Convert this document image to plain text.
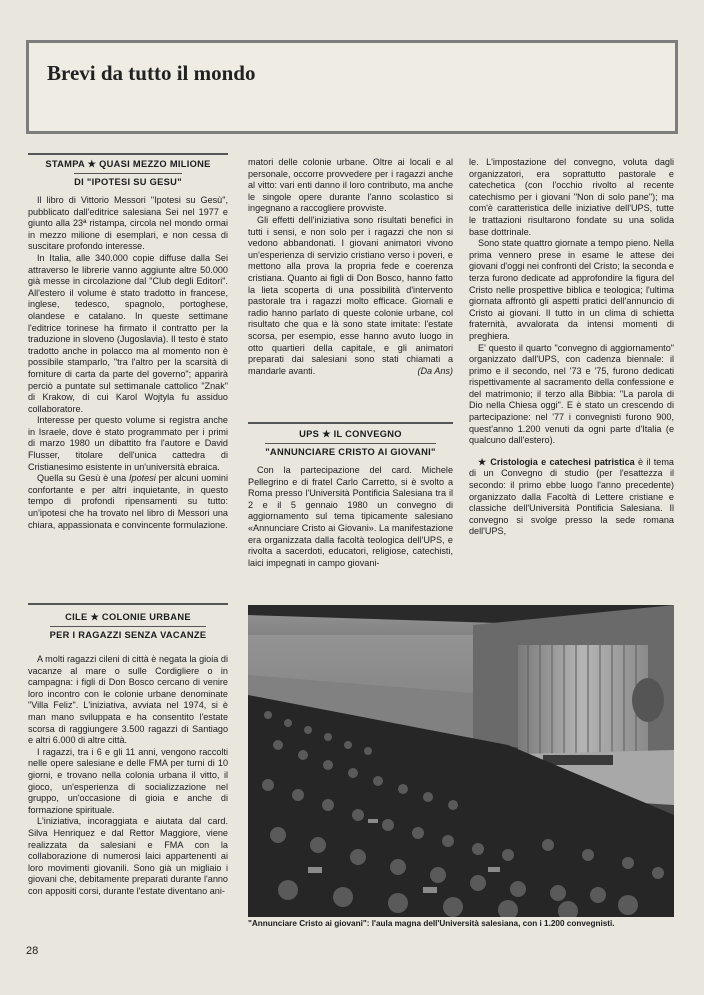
Brevi da tutto il mondo
STAMPA ★ QUASI MEZZO MILIONE
DI "IPOTESI SU GESU"

Il libro di Vittorio Messori "Ipotesi su Gesù", pubblicato dall'editrice salesiana Sei nel 1977 e giunto alla 23ª ristampa, circola nel mondo ormai in mezzo milione di esemplari, e non cessa di suscitare profondo interesse.

In Italia, alle 340.000 copie diffuse dalla Sei attraverso le librerie vanno aggiunte altre 50.000 già messe in circolazione dal "Club degli Editori". All'estero il volume è stato tradotto in francese, inglese, tedesco, spagnolo, portoghese, olandese e catalano. In queste settimane l'editrice torinese ha firmato il contratto per la traduzione in sloveno (Jugoslavia). Il testo è stato tradotto anche in polacco ma al momento non è possibile stamparlo, "tra l'altro per la scarsità di forniture di carta da parte del governo"; apparirà perciò a puntate sul settimanale cattolico "Znak" di Krakow, di cui Karol Wojtyla fu assiduo collaboratore.

Interesse per questo volume si registra anche in Israele, dove è stato programmato per i primi di marzo 1980 un dibattito fra l'autore e David Flusser, titolare dell'unica cattedra di Cristianesimo esistente in un'università ebraica.

Quella su Gesù è una Ipotesi per alcuni uomini confortante e per altri inquietante, in questo tempo di profondi ripensamenti su tutto: un'ipotesi che ha trovato nel libro di Messori una chiara, appassionata e convincente formulazione.

matori delle colonie urbane. Oltre ai locali e al personale, occorre provvedere per i ragazzi anche al vitto: vari enti danno il loro contributo, ma anche le singole opere durante l'anno scolastico si ingegnano a raccogliere provviste.

Gli effetti dell'iniziativa sono risultati benefici in tutti i sensi, e non solo per i ragazzi che non si vedono abbandonati. I giovani animatori vivono un'esperienza di servizio cristiano verso i poveri, e mettono alla prova la propria fede e coerenza cristiana. Quanto ai figli di Don Bosco, hanno fatto la lieta scoperta di una possibilità d'intervento pastorale tra i ragazzi molto efficace. Giornali e radio hanno parlato di queste colonie urbane, col risultato che qua e là sono state imitate: l'estate scorsa, per esempio, esse hanno avuto luogo in otto quartieri della capitale, e gli animatori preparati dai salesiani sono stati chiamati a mandarle avanti.	(Da Ans)

UPS ★ IL CONVEGNO
"ANNUNCIARE CRISTO AI GIOVANI"

Con la partecipazione del card. Michele Pellegrino e di fratel Carlo Carretto, si è svolto a Roma presso l'Università Pontificia Salesiana tra il 2 e il 5 gennaio 1980 un convegno di aggiornamento sul tema tipicamente salesiano «Annunciare Cristo ai Giovani». La manifestazione era organizzata dalla facoltà teologica dell'UPS, e rivolta a sacerdoti, educatori, religiose, catechisti, laici impegnati in campo giovani-

le. L'impostazione del convegno, voluta dagli organizzatori, era soprattutto pastorale e catechetica (con l'occhio rivolto al recente catechismo per i giovani "Non di solo pane"); ma com'è caratteristica delle iniziative dell'UPS, tutte le trattazioni risultarono fondate su una solida base dottrinale.

Sono state quattro giornate a tempo pieno. Nella prima vennero prese in esame le attese dei giovani d'oggi nei confronti del Cristo; la seconda e terza furono dedicate ad approfondire la figura del Cristo nelle prospettive biblica e teologica; l'ultima giornata affrontò gli aspetti pratici dell'annuncio di Cristo ai giovani. Il tutto in un clima di schietta fraternità, avvalorata da intensi momenti di preghiera.

E' questo il quarto "convegno di aggiornamento" organizzato dall'UPS, con cadenza biennale: il primo e il secondo, nel '73 e '75, furono dedicati rispettivamente al sacramento della confessione e del matrimonio; il terzo alla Bibbia: "La parola di Dio nella Chiesa oggi". E è stato un crescendo di partecipazione: nel '77 i convegnisti furono 900, quest'anno 1.200 venuti da ogni parte d'Italia (e qualcuno dall'estero).

★ Cristologia e catechesi patristica è il tema di un Convegno di studio (per l'esattezza il secondo: il primo ebbe luogo l'anno precedente) organizzato dalla Facoltà di Lettere cristiane e classiche dell'Università Pontificia Salesiana. Il convegno si svolge presso la sede romana dell'UPS,

CILE ★ COLONIE URBANE
PER I RAGAZZI SENZA VACANZE

A molti ragazzi cileni di città è negata la gioia di vacanze al mare o sulle Cordigliere o in campagna: i figli di Don Bosco cercano di venire loro incontro con le colonie urbane denominate "Villa Feliz". L'iniziativa, avviata nel 1974, si è man mano sviluppata e ha consentito l'estate scorsa di raggiungere 3.500 ragazzi di Santiago e altri 6.000 di altre città.

I ragazzi, tra i 6 e gli 11 anni, vengono raccolti nelle opere salesiane e delle FMA per turni di 10 giorni, e trovano nella colonia urbana il vitto, il gioco, un'esperienza di socializzazione nel gruppo, un'occasione di gioia e anche di formazione spirituale.

L'iniziativa, incoraggiata e aiutata dal card. Silva Henriquez e dal Rettor Maggiore, viene realizzata da salesiani e FMA con la collaborazione di numerosi laici appartenenti ai loro movimenti giovanili. Sono già un migliaio i giovani che, debitamente preparati durante l'anno con appositi corsi, durante l'estate diventano ani-

"Annunciare Cristo ai giovani": l'aula magna dell'Università salesiana, con i 1.200 convegnisti.
28
